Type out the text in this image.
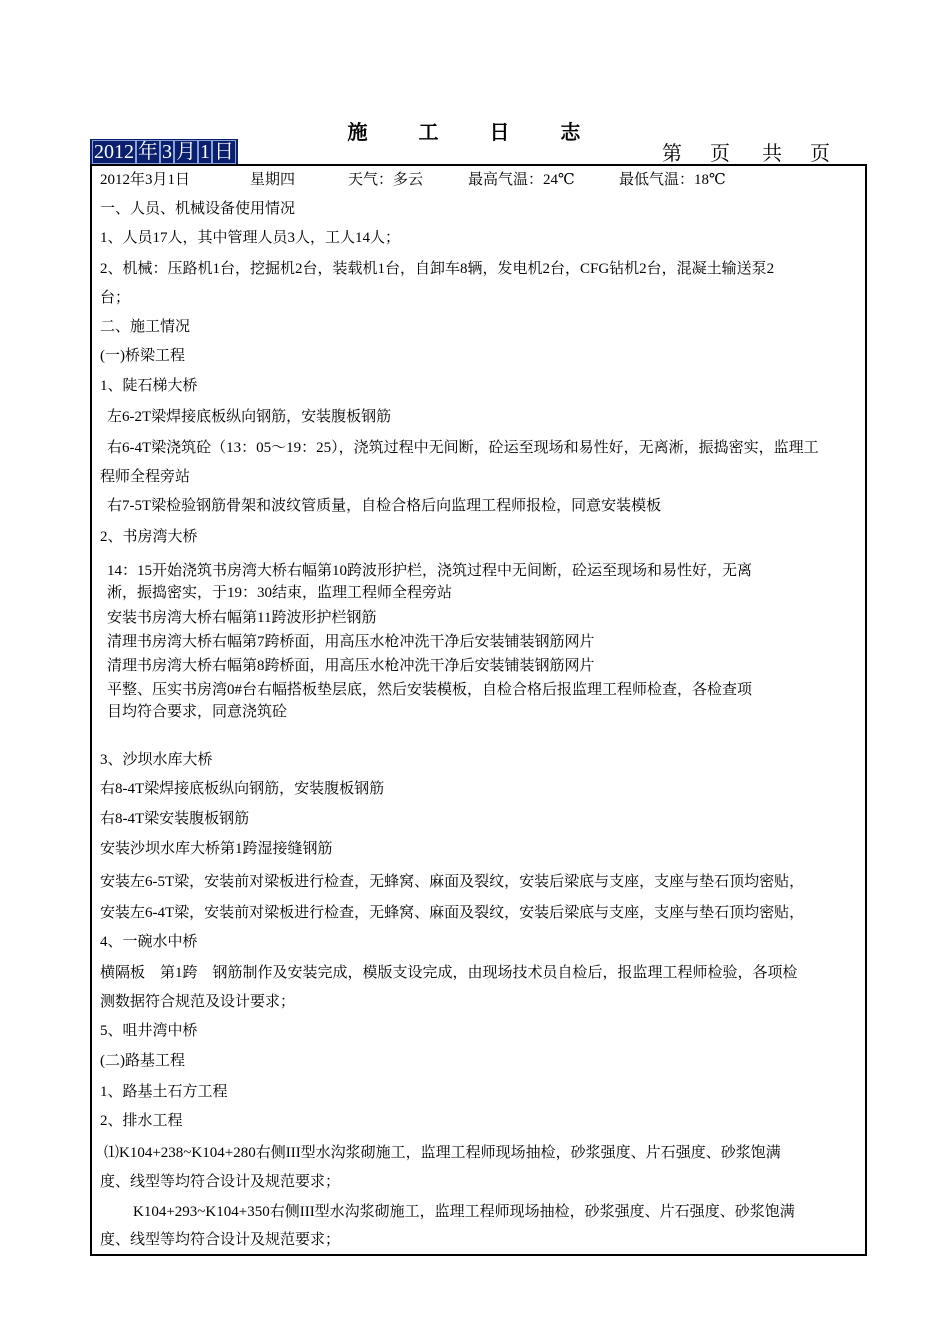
施 工 日 志
2012 年 3 月 1 日	第 页 共 页
2012年3月1日	星期四	天气：多云	最高气温：24℃	最低气温：18℃
一、人员、机械设备使用情况
1、人员17人，其中管理人员3人，工人14人；
2、机械：压路机1台，挖掘机2台，装载机1台，自卸车8辆，发电机2台，CFG钻机2台，混凝土输送泵2
台；
二、施工情况
(一)桥梁工程
1、陡石梯大桥
左6-2T梁焊接底板纵向钢筋，安装腹板钢筋
右6-4T梁浇筑砼（13：05～19：25），浇筑过程中无间断，砼运至现场和易性好，无离淅，振捣密实，监理工
程师全程旁站
右7-5T梁检验钢筋骨架和波纹管质量，自检合格后向监理工程师报检，同意安装模板
2、书房湾大桥
14：15开始浇筑书房湾大桥右幅第10跨波形护栏，浇筑过程中无间断，砼运至现场和易性好，无离
淅，振捣密实，于19：30结束，监理工程师全程旁站
安装书房湾大桥右幅第11跨波形护栏钢筋
清理书房湾大桥右幅第7跨桥面，用高压水枪冲洗干净后安装铺装钢筋网片
清理书房湾大桥右幅第8跨桥面，用高压水枪冲洗干净后安装铺装钢筋网片
平整、压实书房湾0#台右幅搭板垫层底，然后安装模板，自检合格后报监理工程师检查，各检查项
目均符合要求，同意浇筑砼
3、沙坝水库大桥
右8-4T梁焊接底板纵向钢筋，安装腹板钢筋
右8-4T梁安装腹板钢筋
安装沙坝水库大桥第1跨湿接缝钢筋
安装左6-5T梁，安装前对梁板进行检查，无蜂窝、麻面及裂纹，安装后梁底与支座，支座与垫石顶均密贴，
安装左6-4T梁，安装前对梁板进行检查，无蜂窝、麻面及裂纹，安装后梁底与支座，支座与垫石顶均密贴，
4、一碗水中桥
横隔板　第1跨　钢筋制作及安装完成，模版支设完成，由现场技术员自检后，报监理工程师检验，各项检
测数据符合规范及设计要求；
5、咀井湾中桥
(二)路基工程
1、路基土石方工程
2、排水工程
⑴K104+238~K104+280右侧III型水沟浆砌施工，监理工程师现场抽检，砂浆强度、片石强度、砂浆饱满
度、线型等均符合设计及规范要求；
K104+293~K104+350右侧III型水沟浆砌施工，监理工程师现场抽检，砂浆强度、片石强度、砂浆饱满
度、线型等均符合设计及规范要求；
